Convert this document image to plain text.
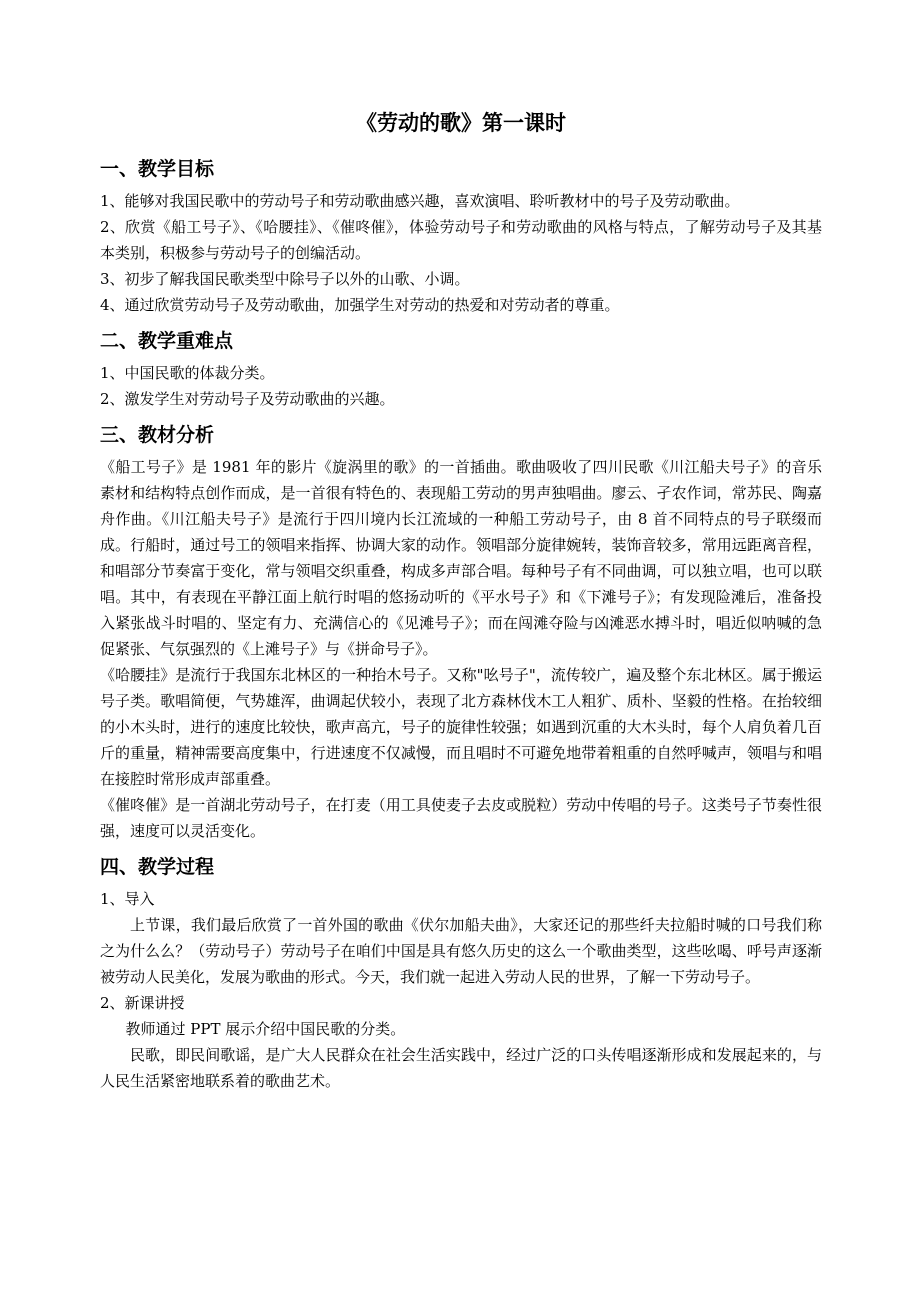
《劳动的歌》第一课时
一、教学目标

1、能够对我国民歌中的劳动号子和劳动歌曲感兴趣，喜欢演唱、聆听教材中的号子及劳动歌曲。

2、欣赏《船工号子》、《哈腰挂》、《催咚催》，体验劳动号子和劳动歌曲的风格与特点，了解劳动号子及其基本类别，积极参与劳动号子的创编活动。

3、初步了解我国民歌类型中除号子以外的山歌、小调。

4、通过欣赏劳动号子及劳动歌曲，加强学生对劳动的热爱和对劳动者的尊重。

二、教学重难点

1、中国民歌的体裁分类。

2、激发学生对劳动号子及劳动歌曲的兴趣。

三、教材分析

《船工号子》是 1981 年的影片《旋涡里的歌》的一首插曲。歌曲吸收了四川民歌《川江船夫号子》的音乐素材和结构特点创作而成，是一首很有特色的、表现船工劳动的男声独唱曲。廖云、孑农作词，常苏民、陶嘉舟作曲。《川江船夫号子》是流行于四川境内长江流域的一种船工劳动号子，由 8 首不同特点的号子联缀而成。行船时，通过号工的领唱来指挥、协调大家的动作。领唱部分旋律婉转，装饰音较多，常用远距离音程，和唱部分节奏富于变化，常与领唱交织重叠，构成多声部合唱。每种号子有不同曲调，可以独立唱，也可以联唱。其中，有表现在平静江面上航行时唱的悠扬动听的《平水号子》和《下滩号子》；有发现险滩后，准备投入紧张战斗时唱的、坚定有力、充满信心的《见滩号子》；而在闯滩夺险与凶滩恶水搏斗时，唱近似呐喊的急促紧张、气氛强烈的《上滩号子》与《拼命号子》。

《哈腰挂》是流行于我国东北林区的一种抬木号子。又称"吆号子"，流传较广，遍及整个东北林区。属于搬运号子类。歌唱简便，气势雄浑，曲调起伏较小，表现了北方森林伐木工人粗犷、质朴、坚毅的性格。在抬较细的小木头时，进行的速度比较快，歌声高亢，号子的旋律性较强；如遇到沉重的大木头时，每个人肩负着几百斤的重量，精神需要高度集中，行进速度不仅减慢，而且唱时不可避免地带着粗重的自然呼喊声，领唱与和唱在接腔时常形成声部重叠。

《催咚催》是一首湖北劳动号子，在打麦（用工具使麦子去皮或脱粒）劳动中传唱的号子。这类号子节奏性很强，速度可以灵活变化。

四、教学过程

1、导入

上节课，我们最后欣赏了一首外国的歌曲《伏尔加船夫曲》，大家还记的那些纤夫拉船时喊的口号我们称之为什么么？（劳动号子）劳动号子在咱们中国是具有悠久历史的这么一个歌曲类型，这些吆喝、呼号声逐渐被劳动人民美化，发展为歌曲的形式。今天，我们就一起进入劳动人民的世界，了解一下劳动号子。

2、新课讲授

教师通过 PPT 展示介绍中国民歌的分类。

民歌，即民间歌谣，是广大人民群众在社会生活实践中，经过广泛的口头传唱逐渐形成和发展起来的，与人民生活紧密地联系着的歌曲艺术。
